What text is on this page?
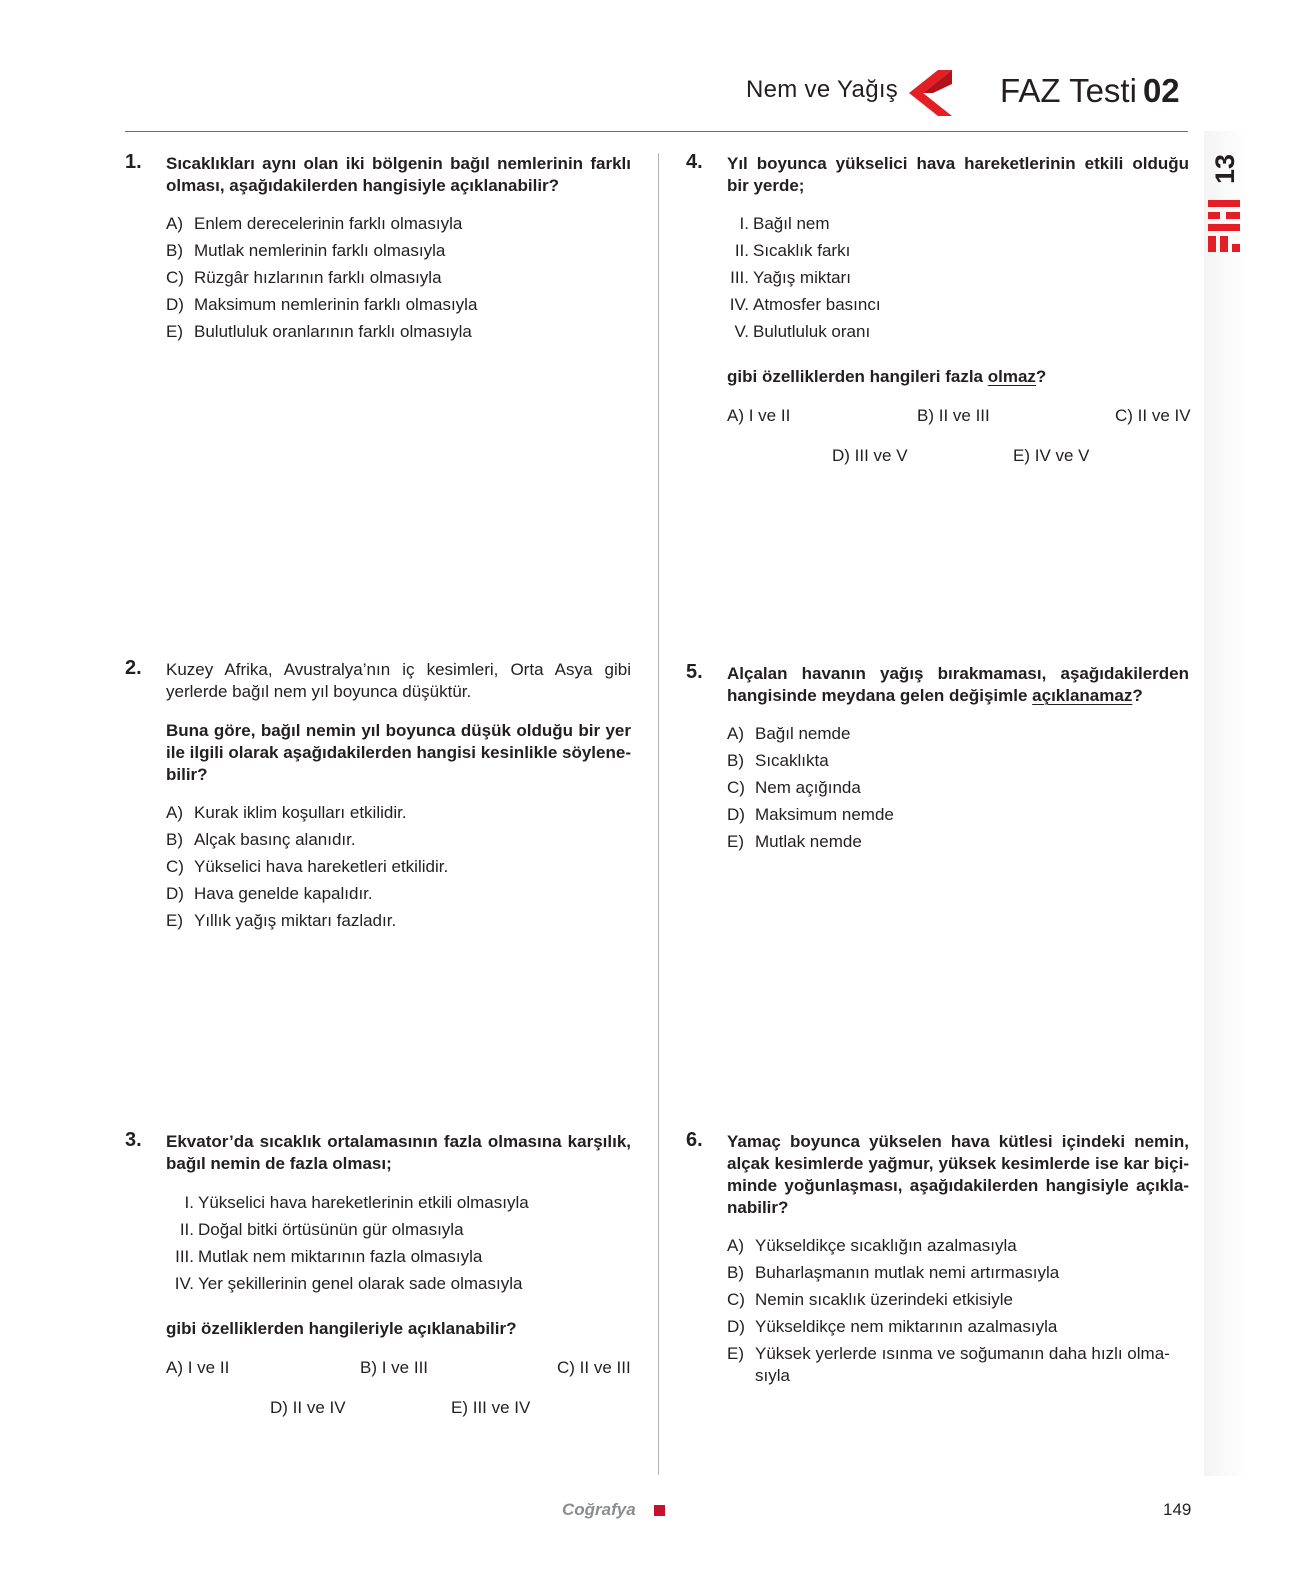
Nem ve Yağış	FAZ Testi 02
13
1. Sıcaklıkları aynı olan iki bölgenin bağıl nemlerinin farklı olması, aşağıdakilerden hangisiyle açıklanabilir?
A) Enlem derecelerinin farklı olmasıyla
B) Mutlak nemlerinin farklı olmasıyla
C) Rüzgâr hızlarının farklı olmasıyla
D) Maksimum nemlerinin farklı olmasıyla
E) Bulutluluk oranlarının farklı olmasıyla
2. Kuzey Afrika, Avustralya’nın iç kesimleri, Orta Asya gibi yerlerde bağıl nem yıl boyunca düşüktür.
Buna göre, bağıl nemin yıl boyunca düşük olduğu bir yer ile ilgili olarak aşağıdakilerden hangisi kesinlikle söylene-bilir?
A) Kurak iklim koşulları etkilidir.
B) Alçak basınç alanıdır.
C) Yükselici hava hareketleri etkilidir.
D) Hava genelde kapalıdır.
E) Yıllık yağış miktarı fazladır.
3. Ekvator’da sıcaklık ortalamasının fazla olmasına karşılık, bağıl nemin de fazla olması;
I. Yükselici hava hareketlerinin etkili olmasıyla
II. Doğal bitki örtüsünün gür olmasıyla
III. Mutlak nem miktarının fazla olmasıyla
IV. Yer şekillerinin genel olarak sade olmasıyla
gibi özelliklerden hangileriyle açıklanabilir?
A) I ve II	B) I ve III	C) II ve III
D) II ve IV	E) III ve IV
4. Yıl boyunca yükselici hava hareketlerinin etkili olduğu bir yerde;
I. Bağıl nem
II. Sıcaklık farkı
III. Yağış miktarı
IV. Atmosfer basıncı
V. Bulutluluk oranı
gibi özelliklerden hangileri fazla olmaz?
A) I ve II	B) II ve III	C) II ve IV
D) III ve V	E) IV ve V
5. Alçalan havanın yağış bırakmaması, aşağıdakilerden hangisinde meydana gelen değişimle açıklanamaz?
A) Bağıl nemde
B) Sıcaklıkta
C) Nem açığında
D) Maksimum nemde
E) Mutlak nemde
6. Yamaç boyunca yükselen hava kütlesi içindeki nemin, alçak kesimlerde yağmur, yüksek kesimlerde ise kar biçi-minde yoğunlaşması, aşağıdakilerden hangisiyle açıkla-nabilir?
A) Yükseldikçe sıcaklığın azalmasıyla
B) Buharlaşmanın mutlak nemi artırmasıyla
C) Nemin sıcaklık üzerindeki etkisiyle
D) Yükseldikçe nem miktarının azalmasıyla
E) Yüksek yerlerde ısınma ve soğumanın daha hızlı olma-
sıyla
Coğrafya	149
